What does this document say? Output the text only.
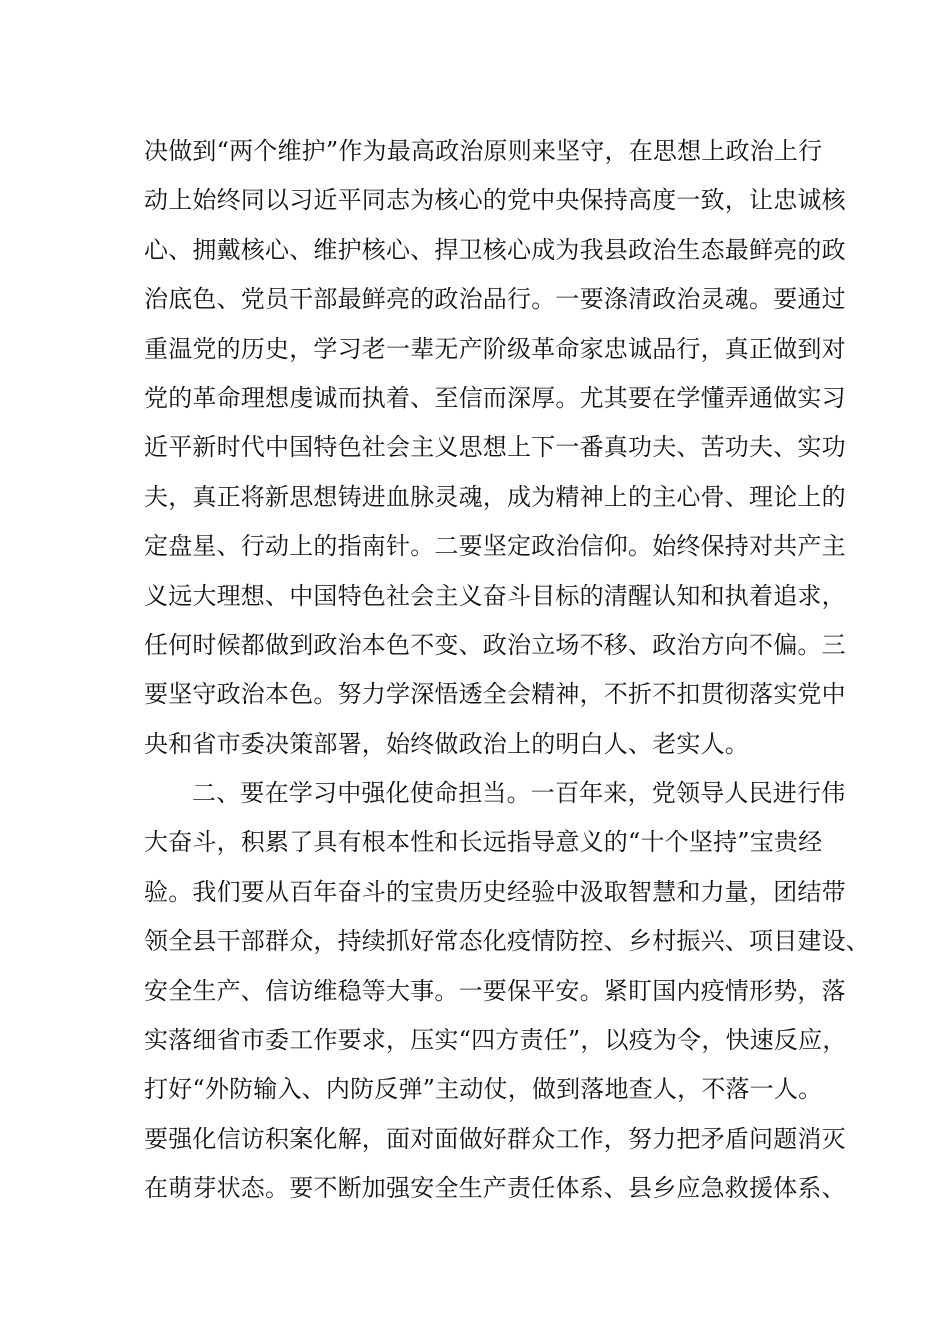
决做到“两个维护”作为最高政治原则来坚守，在思想上政治上行
动上始终同以习近平同志为核心的党中央保持高度一致，让忠诚核
心、拥戴核心、维护核心、捍卫核心成为我县政治生态最鲜亮的政
治底色、党员干部最鲜亮的政治品行。一要涤清政治灵魂。要通过
重温党的历史，学习老一辈无产阶级革命家忠诚品行，真正做到对
党的革命理想虔诚而执着、至信而深厚。尤其要在学懂弄通做实习
近平新时代中国特色社会主义思想上下一番真功夫、苦功夫、实功
夫，真正将新思想铸进血脉灵魂，成为精神上的主心骨、理论上的
定盘星、行动上的指南针。二要坚定政治信仰。始终保持对共产主
义远大理想、中国特色社会主义奋斗目标的清醒认知和执着追求，
任何时候都做到政治本色不变、政治立场不移、政治方向不偏。三
要坚守政治本色。努力学深悟透全会精神，不折不扣贯彻落实党中
央和省市委决策部署，始终做政治上的明白人、老实人。
二、要在学习中强化使命担当。一百年来，党领导人民进行伟
大奋斗，积累了具有根本性和长远指导意义的“十个坚持”宝贵经
验。我们要从百年奋斗的宝贵历史经验中汲取智慧和力量，团结带
领全县干部群众，持续抓好常态化疫情防控、乡村振兴、项目建设、
安全生产、信访维稳等大事。一要保平安。紧盯国内疫情形势，落
实落细省市委工作要求，压实“四方责任”，以疫为令，快速反应，
打好“外防输入、内防反弹”主动仗，做到落地查人，不落一人。
要强化信访积案化解，面对面做好群众工作，努力把矛盾问题消灭
在萌芽状态。要不断加强安全生产责任体系、县乡应急救援体系、
